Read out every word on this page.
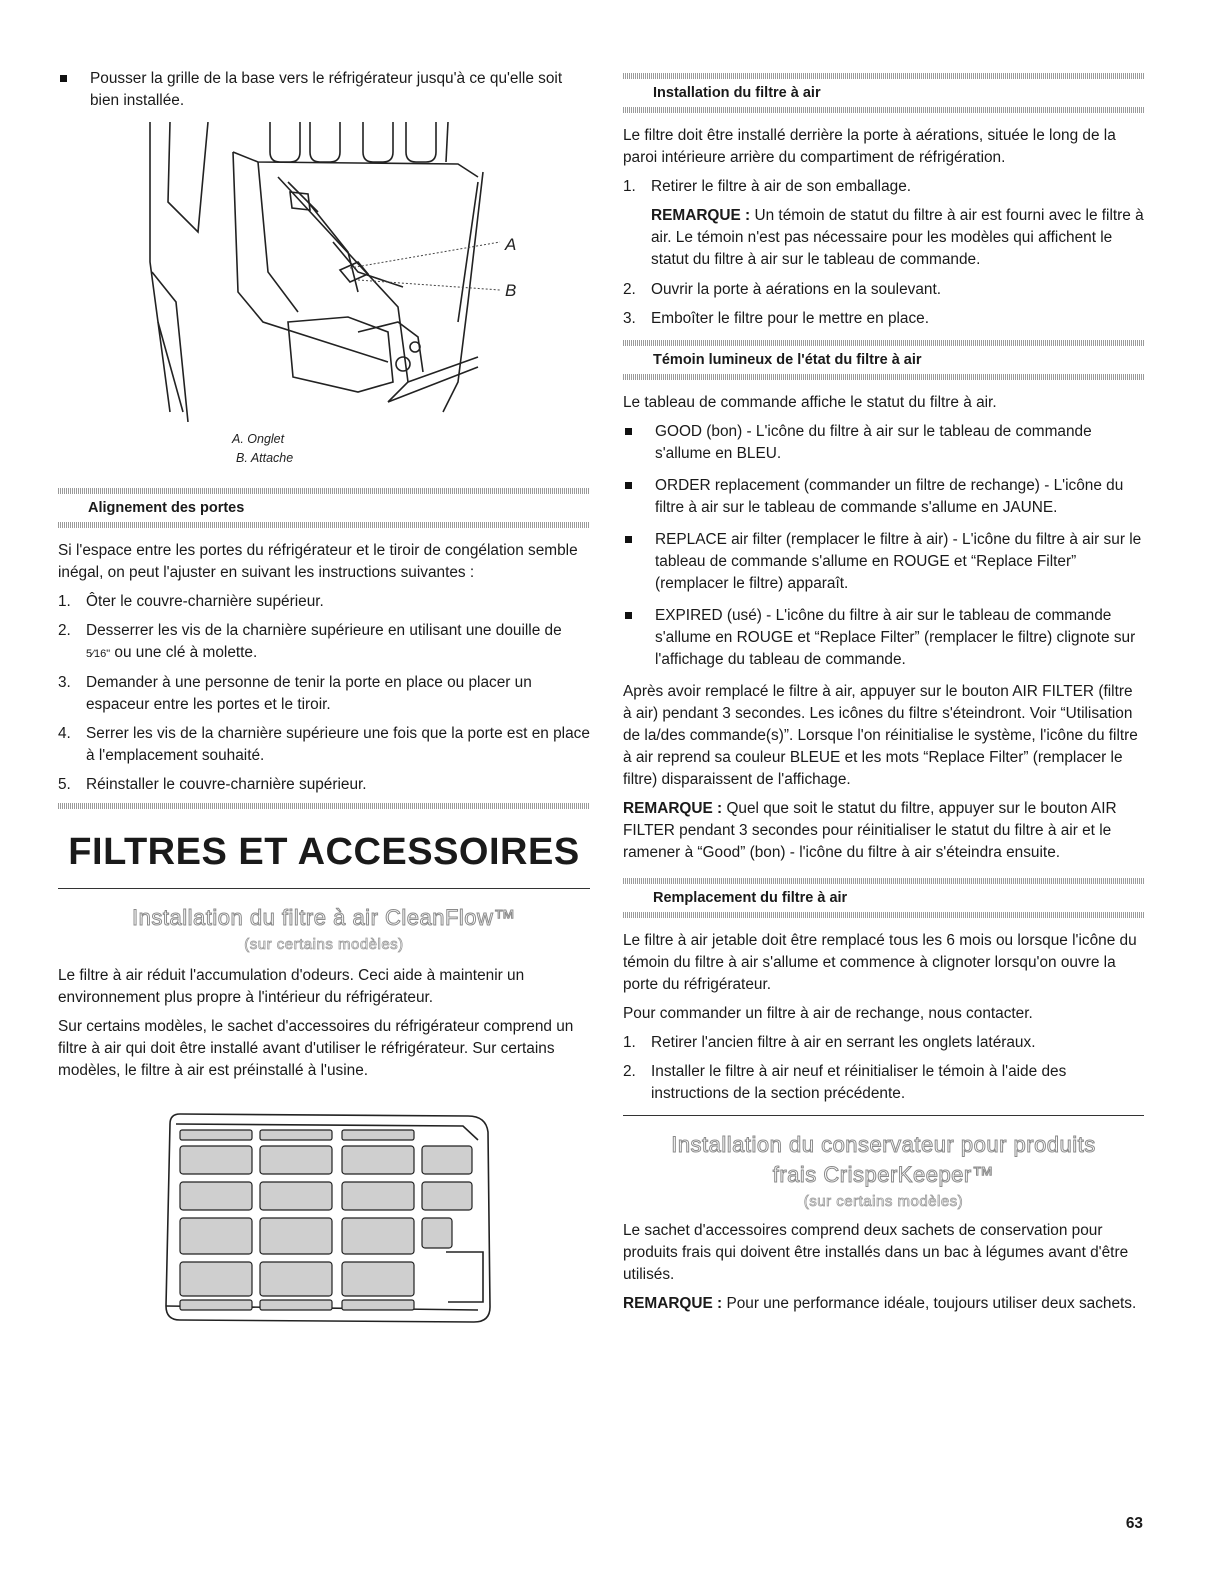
Pousser la grille de la base vers le réfrigérateur jusqu'à ce qu'elle soit bien installée.
A
B
A. Onglet
B. Attache
Alignement des portes

Si l'espace entre les portes du réfrigérateur et le tiroir de congélation semble inégal, on peut l'ajuster en suivant les instructions suivantes :

1. Ôter le couvre-charnière supérieur.
2. Desserrer les vis de la charnière supérieure en utilisant une douille de 5⁄16" ou une clé à molette.
3. Demander à une personne de tenir la porte en place ou placer un espaceur entre les portes et le tiroir.
4. Serrer les vis de la charnière supérieure une fois que la porte est en place à l'emplacement souhaité.
5. Réinstaller le couvre-charnière supérieur.
FILTRES ET ACCESSOIRES
Installation du filtre à air CleanFlow™
(sur certains modèles)

Le filtre à air réduit l'accumulation d'odeurs. Ceci aide à maintenir un environnement plus propre à l'intérieur du réfrigérateur.

Sur certains modèles, le sachet d'accessoires du réfrigérateur comprend un filtre à air qui doit être installé avant d'utiliser le réfrigérateur. Sur certains modèles, le filtre à air est préinstallé à l'usine.

Installation du filtre à air

Le filtre doit être installé derrière la porte à aérations, située le long de la paroi intérieure arrière du compartiment de réfrigération.

1. Retirer le filtre à air de son emballage.
REMARQUE : Un témoin de statut du filtre à air est fourni avec le filtre à air. Le témoin n'est pas nécessaire pour les modèles qui affichent le statut du filtre à air sur le tableau de commande.
2. Ouvrir la porte à aérations en la soulevant.
3. Emboîter le filtre pour le mettre en place.
Témoin lumineux de l'état du filtre à air

Le tableau de commande affiche le statut du filtre à air.

GOOD (bon) - L'icône du filtre à air sur le tableau de commande s'allume en BLEU.
ORDER replacement (commander un filtre de rechange) - L'icône du filtre à air sur le tableau de commande s'allume en JAUNE.
REPLACE air filter (remplacer le filtre à air) - L'icône du filtre à air sur le tableau de commande s'allume en ROUGE et “Replace Filter” (remplacer le filtre) apparaît.
EXPIRED (usé) - L'icône du filtre à air sur le tableau de commande s'allume en ROUGE et “Replace Filter” (remplacer le filtre) clignote sur l'affichage du tableau de commande.

Après avoir remplacé le filtre à air, appuyer sur le bouton AIR FILTER (filtre à air) pendant 3 secondes. Les icônes du filtre s'éteindront. Voir “Utilisation de la/des commande(s)”. Lorsque l'on réinitialise le système, l'icône du filtre à air reprend sa couleur BLEUE et les mots “Replace Filter” (remplacer le filtre) disparaissent de l'affichage.

REMARQUE : Quel que soit le statut du filtre, appuyer sur le bouton AIR FILTER pendant 3 secondes pour réinitialiser le statut du filtre à air et le ramener à “Good” (bon) - l'icône du filtre à air s'éteindra ensuite.

Remplacement du filtre à air

Le filtre à air jetable doit être remplacé tous les 6 mois ou lorsque l'icône du témoin du filtre à air s'allume et commence à clignoter lorsqu'on ouvre la porte du réfrigérateur.

Pour commander un filtre à air de rechange, nous contacter.

1. Retirer l'ancien filtre à air en serrant les onglets latéraux.
2. Installer le filtre à air neuf et réinitialiser le témoin à l'aide des instructions de la section précédente.
Installation du conservateur pour produits
frais CrisperKeeper™
(sur certains modèles)

Le sachet d'accessoires comprend deux sachets de conservation pour produits frais qui doivent être installés dans un bac à légumes avant d'être utilisés.

REMARQUE : Pour une performance idéale, toujours utiliser deux sachets.

63
